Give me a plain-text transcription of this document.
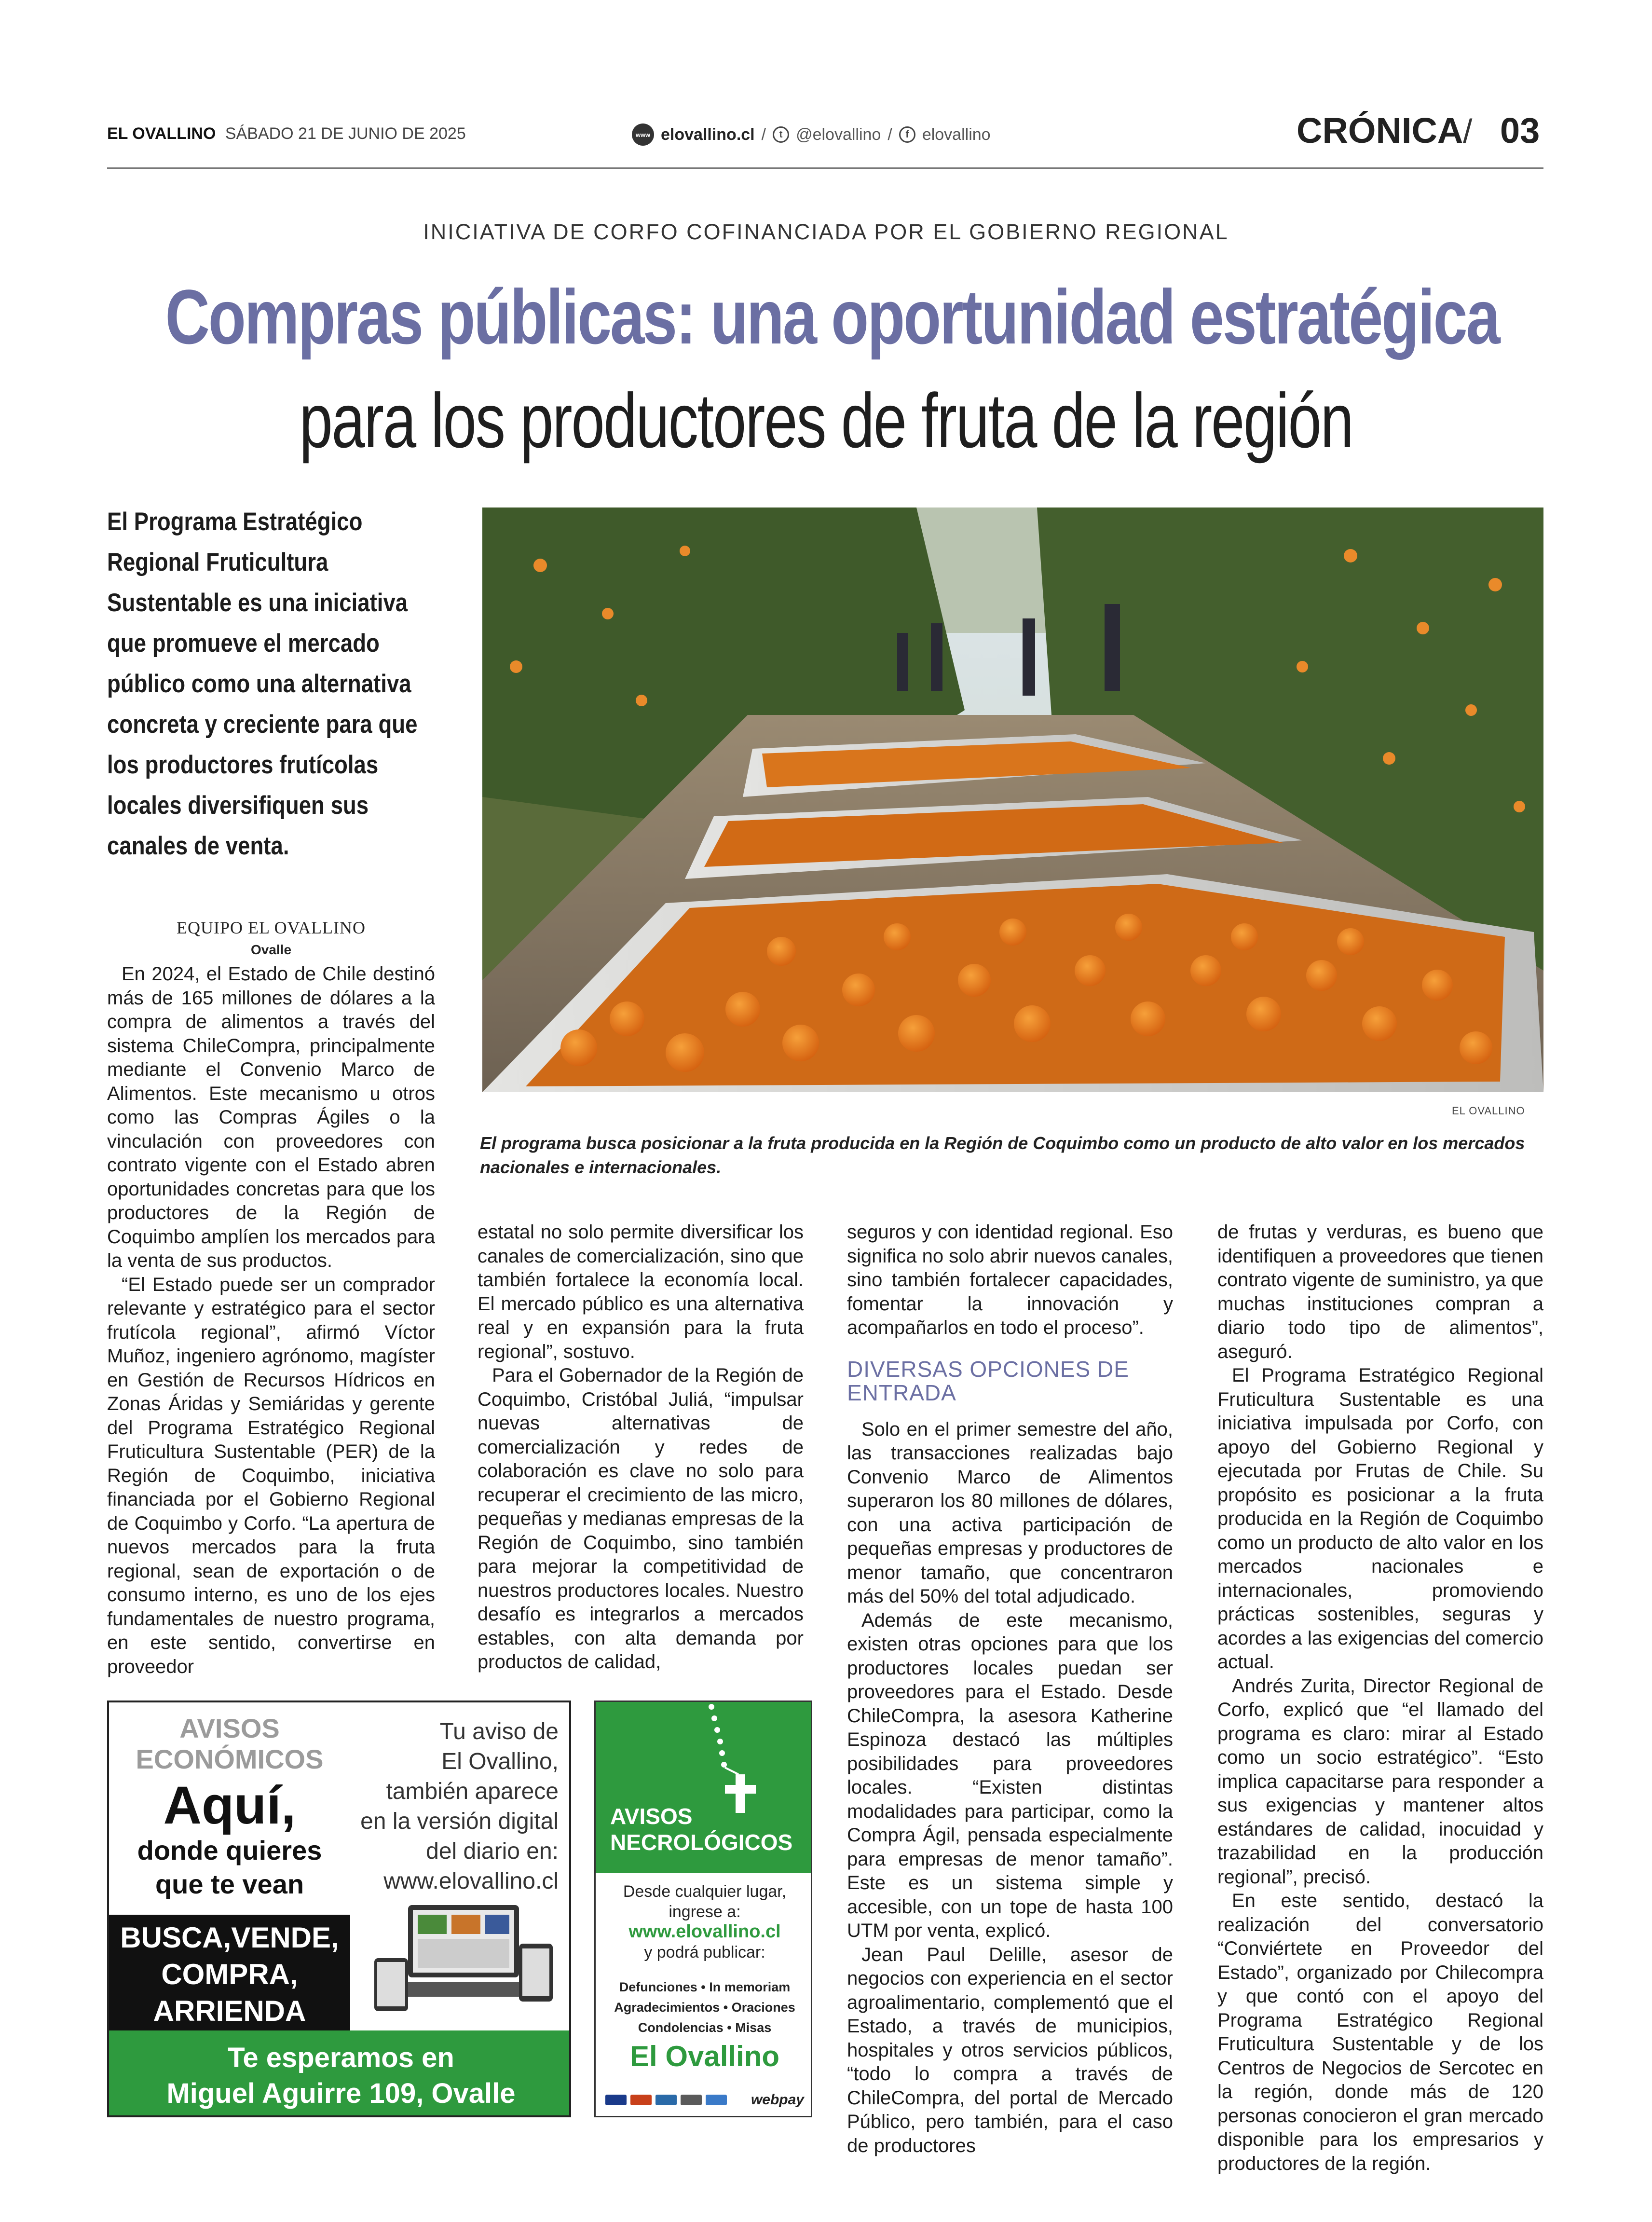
EL OVALLINO SÁBADO 21 DE JUNIO DE 2025	www elovallino.cl /	t @elovallino /	f elovallino	CRÓNICA / 03
INICIATIVA DE CORFO COFINANCIADA POR EL GOBIERNO REGIONAL
Compras públicas: una oportunidad estratégica
para los productores de fruta de la región
El Programa Estratégico Regional Fruticultura Sustentable es una iniciativa que promueve el mercado público como una alternativa concreta y creciente para que los productores frutícolas locales diversifiquen sus canales de venta.
EL OVALLINO
El programa busca posicionar a la fruta producida en la Región de Coquimbo como un producto de alto valor en los mercados nacionales e internacionales.
EQUIPO EL OVALLINO
Ovalle

En 2024, el Estado de Chile destinó más de 165 millones de dólares a la compra de alimentos a través del sistema ChileCompra, principalmente mediante el Convenio Marco de Alimentos. Este mecanismo u otros como las Compras Ágiles o la vinculación con proveedores con contrato vigente con el Estado abren oportunidades concretas para que los productores de la Región de Coquimbo amplíen los mercados para la venta de sus productos.

“El Estado puede ser un comprador relevante y estratégico para el sector frutícola regional”, afirmó Víctor Muñoz, ingeniero agrónomo, magíster en Gestión de Recursos Hídricos en Zonas Áridas y Semiáridas y gerente del Programa Estratégico Regional Fruticultura Sustentable (PER) de la Región de Coquimbo, iniciativa financiada por el Gobierno Regional de Coquimbo y Corfo. “La apertura de nuevos mercados para la fruta regional, sean de exportación o de consumo interno, es uno de los ejes fundamentales de nuestro programa, en este sentido, convertirse en proveedor

estatal no solo permite diversificar los canales de comercialización, sino que también fortalece la economía local. El mercado público es una alternativa real y en expansión para la fruta regional”, sostuvo.

Para el Gobernador de la Región de Coquimbo, Cristóbal Juliá, “impulsar nuevas alternativas de comercialización y redes de colaboración es clave no solo para recuperar el crecimiento de las micro, pequeñas y medianas empresas de la Región de Coquimbo, sino también para mejorar la competitividad de nuestros productores locales. Nuestro desafío es integrarlos a mercados estables, con alta demanda por productos de calidad,

seguros y con identidad regional. Eso significa no solo abrir nuevos canales, sino también fortalecer capacidades, fomentar la innovación y acompañarlos en todo el proceso”.

DIVERSAS OPCIONES DE ENTRADA

Solo en el primer semestre del año, las transacciones realizadas bajo Convenio Marco de Alimentos superaron los 80 millones de dólares, con una activa participación de pequeñas empresas y productores de menor tamaño, que concentraron más del 50% del total adjudicado.

Además de este mecanismo, existen otras opciones para que los productores locales puedan ser proveedores para el Estado. Desde ChileCompra, la asesora Katherine Espinoza destacó las múltiples posibilidades para proveedores locales. “Existen distintas modalidades para participar, como la Compra Ágil, pensada especialmente para empresas de menor tamaño”. Este es un sistema simple y accesible, con un tope de hasta 100 UTM por venta, explicó.

Jean Paul Delille, asesor de negocios con experiencia en el sector agroalimentario, complementó que el Estado, a través de municipios, hospitales y otros servicios públicos, “todo lo compra a través de ChileCompra, del portal de Mercado Público, pero también, para el caso de productores

de frutas y verduras, es bueno que identifiquen a proveedores que tienen contrato vigente de suministro, ya que muchas instituciones compran a diario todo tipo de alimentos”, aseguró.

El Programa Estratégico Regional Fruticultura Sustentable es una iniciativa impulsada por Corfo, con apoyo del Gobierno Regional y ejecutada por Frutas de Chile. Su propósito es posicionar a la fruta producida en la Región de Coquimbo como un producto de alto valor en los mercados nacionales e internacionales, promoviendo prácticas sostenibles, seguras y acordes a las exigencias del comercio actual.

Andrés Zurita, Director Regional de Corfo, explicó que “el llamado del programa es claro: mirar al Estado como un socio estratégico”. “Esto implica capacitarse para responder a sus exigencias y mantener altos estándares de calidad, inocuidad y trazabilidad en la producción regional”, precisó.

En este sentido, destacó la realización del conversatorio “Conviértete en Proveedor del Estado”, organizado por Chilecompra y que contó con el apoyo del Programa Estratégico Regional Fruticultura Sustentable y de los Centros de Negocios de Sercotec en la región, donde más de 120 personas conocieron el gran mercado disponible para los empresarios y productores de la región.

AVISOS
ECONÓMICOS
Aquí,
donde quieres
que te vean
Tu aviso de
El Ovallino,
también aparece
en la versión digital
del diario en:
www.elovallino.cl
BUSCA,VENDE,
COMPRA,
ARRIENDA
Te esperamos en
Miguel Aguirre 109, Ovalle
AVISOS
NECROLÓGICOS
Desde cualquier lugar,
ingrese a:
www.elovallino.cl
y podrá publicar:
Defunciones • In memoriam
Agradecimientos • Oraciones
Condolencias • Misas
El Ovallino
webpay
